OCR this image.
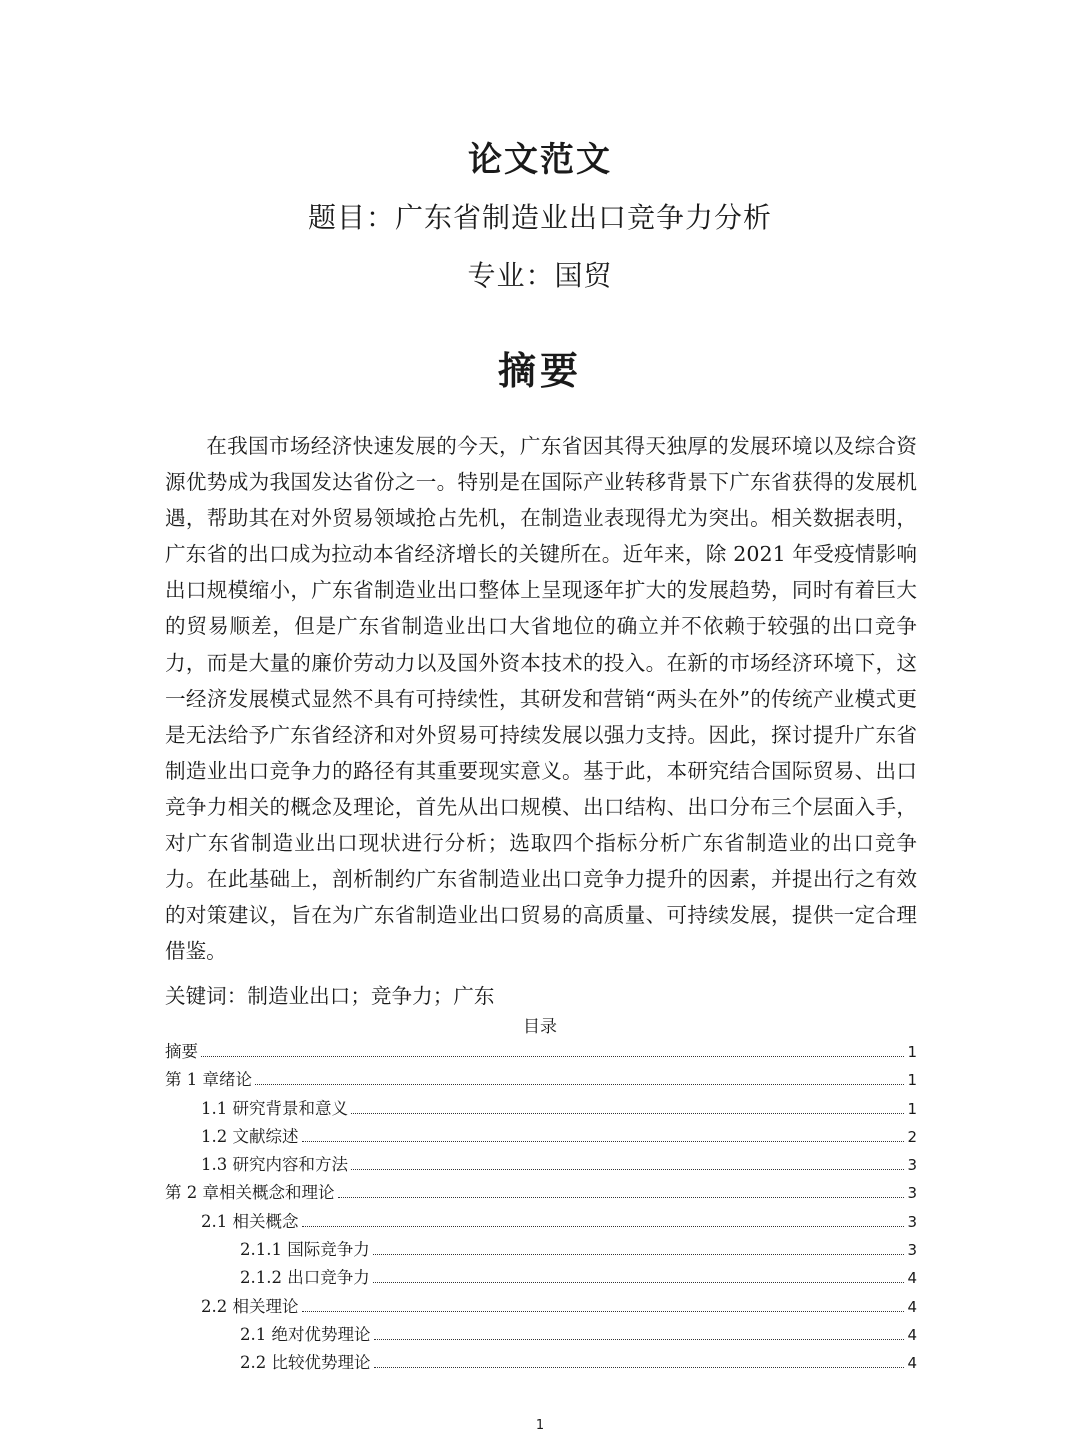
论文范文
题目：广东省制造业出口竞争力分析
专业：国贸
摘要

在我国市场经济快速发展的今天，广东省因其得天独厚的发展环境以及综合资源优势成为我国发达省份之一。特别是在国际产业转移背景下广东省获得的发展机遇，帮助其在对外贸易领域抢占先机，在制造业表现得尤为突出。相关数据表明，广东省的出口成为拉动本省经济增长的关键所在。近年来，除 2021 年受疫情影响出口规模缩小，广东省制造业出口整体上呈现逐年扩大的发展趋势，同时有着巨大的贸易顺差，但是广东省制造业出口大省地位的确立并不依赖于较强的出口竞争力，而是大量的廉价劳动力以及国外资本技术的投入。在新的市场经济环境下，这一经济发展模式显然不具有可持续性，其研发和营销“两头在外”的传统产业模式更是无法给予广东省经济和对外贸易可持续发展以强力支持。因此，探讨提升广东省制造业出口竞争力的路径有其重要现实意义。基于此，本研究结合国际贸易、出口竞争力相关的概念及理论，首先从出口规模、出口结构、出口分布三个层面入手，对广东省制造业出口现状进行分析；选取四个指标分析广东省制造业的出口竞争力。在此基础上，剖析制约广东省制造业出口竞争力提升的因素，并提出行之有效的对策建议，旨在为广东省制造业出口贸易的高质量、可持续发展，提供一定合理借鉴。

关键词：制造业出口；竞争力；广东
目录
摘要	1
第 1 章绪论	1
1.1 研究背景和意义	1
1.2 文献综述	2
1.3 研究内容和方法	3
第 2 章相关概念和理论	3
2.1 相关概念	3
2.1.1 国际竞争力	3
2.1.2 出口竞争力	4
2.2 相关理论	4
2.1 绝对优势理论	4
2.2 比较优势理论	4
1
